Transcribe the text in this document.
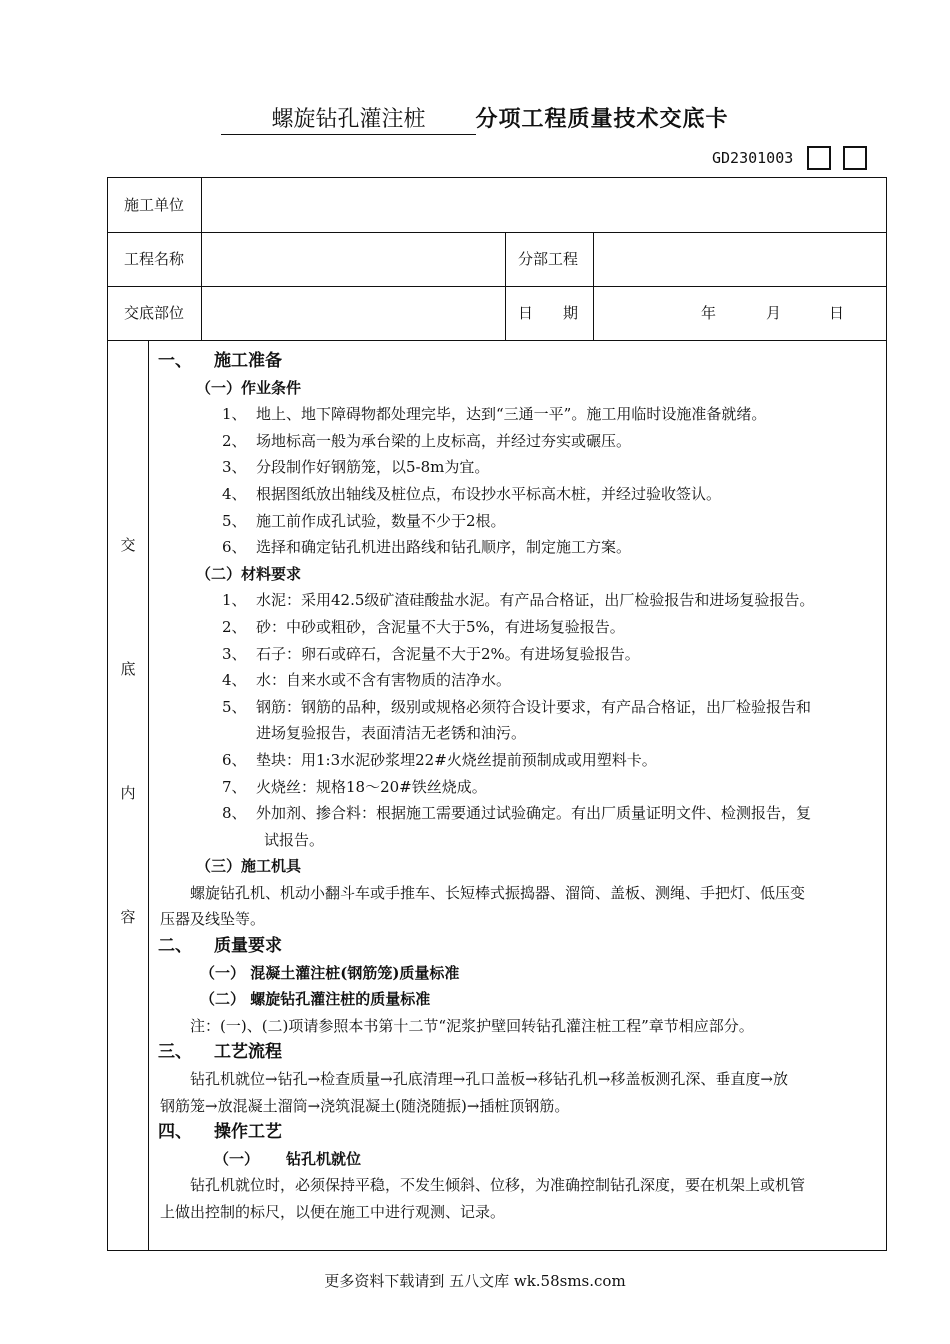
螺旋钻孔灌注桩 分项工程质量技术交底卡
GD2301003
施工单位
工程名称	分部工程
交底部位	日　　期	年	月	日
交
底
内
容
一、 施工准备
（一）作业条件
1、 地上、地下障碍物都处理完毕，达到“三通一平”。施工用临时设施准备就绪。
2、 场地标高一般为承台梁的上皮标高，并经过夯实或碾压。
3、 分段制作好钢筋笼，以5-8m为宜。
4、 根据图纸放出轴线及桩位点，布设抄水平标高木桩，并经过验收签认。
5、 施工前作成孔试验，数量不少于2根。
6、 选择和确定钻孔机进出路线和钻孔顺序，制定施工方案。
（二）材料要求
1、 水泥：采用42.5级矿渣硅酸盐水泥。有产品合格证，出厂检验报告和进场复验报告。
2、 砂：中砂或粗砂，含泥量不大于5%，有进场复验报告。
3、 石子：卵石或碎石，含泥量不大于2%。有进场复验报告。
4、 水：自来水或不含有害物质的洁净水。
5、 钢筋：钢筋的品种，级别或规格必须符合设计要求，有产品合格证，出厂检验报告和
进场复验报告，表面清洁无老锈和油污。
6、 垫块：用1:3水泥砂浆埋22#火烧丝提前预制成或用塑料卡。
7、 火烧丝：规格18～20#铁丝烧成。
8、 外加剂、掺合料：根据施工需要通过试验确定。有出厂质量证明文件、检测报告，复
试报告。
（三）施工机具
螺旋钻孔机、机动小翻斗车或手推车、长短棒式振捣器、溜筒、盖板、测绳、手把灯、低压变
压器及线坠等。
二、 质量要求
（一） 混凝土灌注桩(钢筋笼)质量标准
（二） 螺旋钻孔灌注桩的质量标准
注：(一)、(二)项请参照本书第十二节“泥浆护壁回转钻孔灌注桩工程”章节相应部分。
三、 工艺流程
钻孔机就位→钻孔→检查质量→孔底清理→孔口盖板→移钻孔机→移盖板测孔深、垂直度→放
钢筋笼→放混凝土溜筒→浇筑混凝土(随浇随振)→插桩顶钢筋。
四、 操作工艺
（一） 钻孔机就位
钻孔机就位时，必须保持平稳，不发生倾斜、位移，为准确控制钻孔深度，要在机架上或机管
上做出控制的标尺，以便在施工中进行观测、记录。
更多资料下载请到 五八文库 wk.58sms.com
